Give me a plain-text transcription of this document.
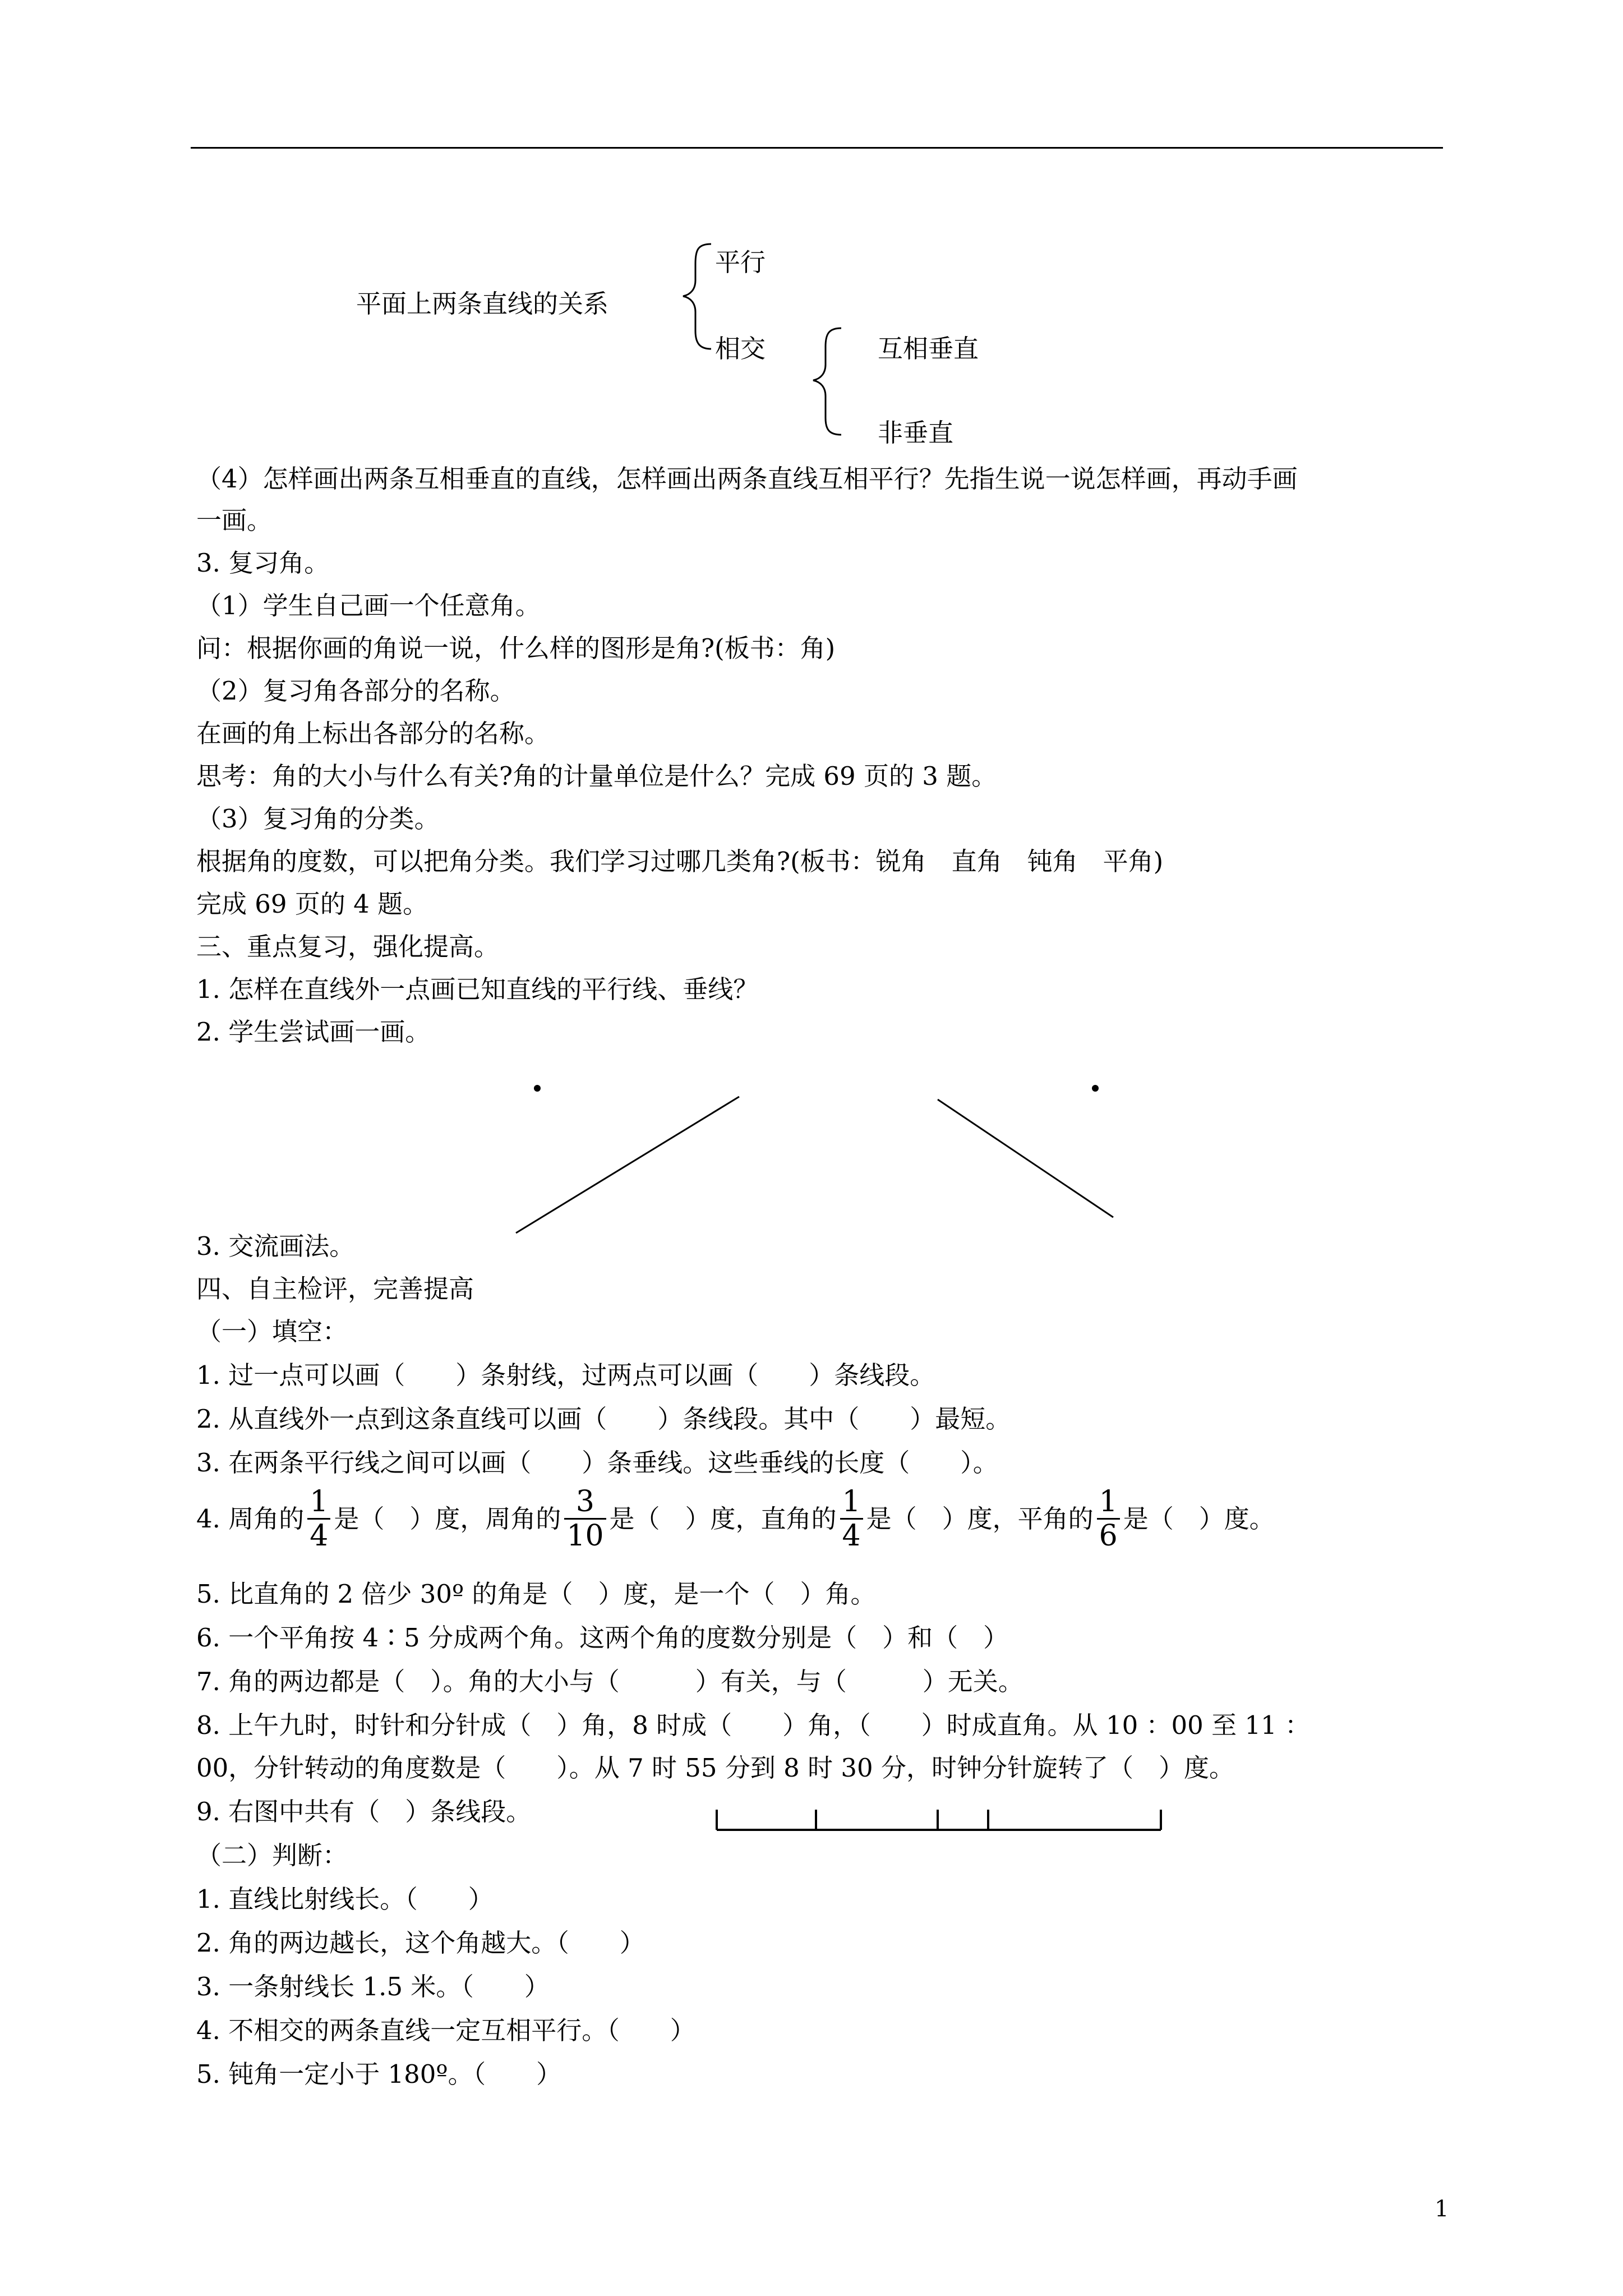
平面上两条直线的关系
平行
相交	互相垂直
非垂直
（4）怎样画出两条互相垂直的直线，怎样画出两条直线互相平行？先指生说一说怎样画，再动手画
一画。
3. 复习角。
（1）学生自己画一个任意角。
问：根据你画的角说一说，什么样的图形是角?(板书：角)
（2）复习角各部分的名称。
在画的角上标出各部分的名称。
思考：角的大小与什么有关?角的计量单位是什么？完成 69 页的 3 题。
（3）复习角的分类。
根据角的度数，可以把角分类。我们学习过哪几类角?(板书：锐角　直角　钝角　平角)
完成 69 页的 4 题。
三、重点复习，强化提高。
1. 怎样在直线外一点画已知直线的平行线、垂线？
2. 学生尝试画一画。
3. 交流画法。
四、自主检评，完善提高
（一）填空：
1. 过一点可以画（　　）条射线，过两点可以画（　　）条线段。
2. 从直线外一点到这条直线可以画（　　）条线段。其中（　　）最短。
3. 在两条平行线之间可以画（　　）条垂线。这些垂线的长度（　　）。
4. 周角的 $\frac{1}{4}$ 是（　）度，周角的 $\frac{3}{10}$ 是（　）度，直角的 $\frac{1}{4}$ 是（　）度，平角的 $\frac{1}{6}$ 是（　）度。
5. 比直角的 2 倍少 30º 的角是（　）度，是一个（　）角。
6. 一个平角按 4∶5 分成两个角。这两个角的度数分别是（　）和（　）
7. 角的两边都是（　）。角的大小与（　　　）有关，与（　　　）无关。
8. 上午九时，时针和分针成（　）角，8 时成（　　）角，（　　）时成直角。从 10 ：00 至 11 ：
00，分针转动的角度数是（　　）。从 7 时 55 分到 8 时 30 分，时钟分针旋转了（　）度。
9. 右图中共有（　）条线段。
（二）判断：
1. 直线比射线长。（　　）
2. 角的两边越长，这个角越大。（　　）
3. 一条射线长 1.5 米。（　　）
4. 不相交的两条直线一定互相平行。（　　）
5. 钝角一定小于 180º。（　　）
1
